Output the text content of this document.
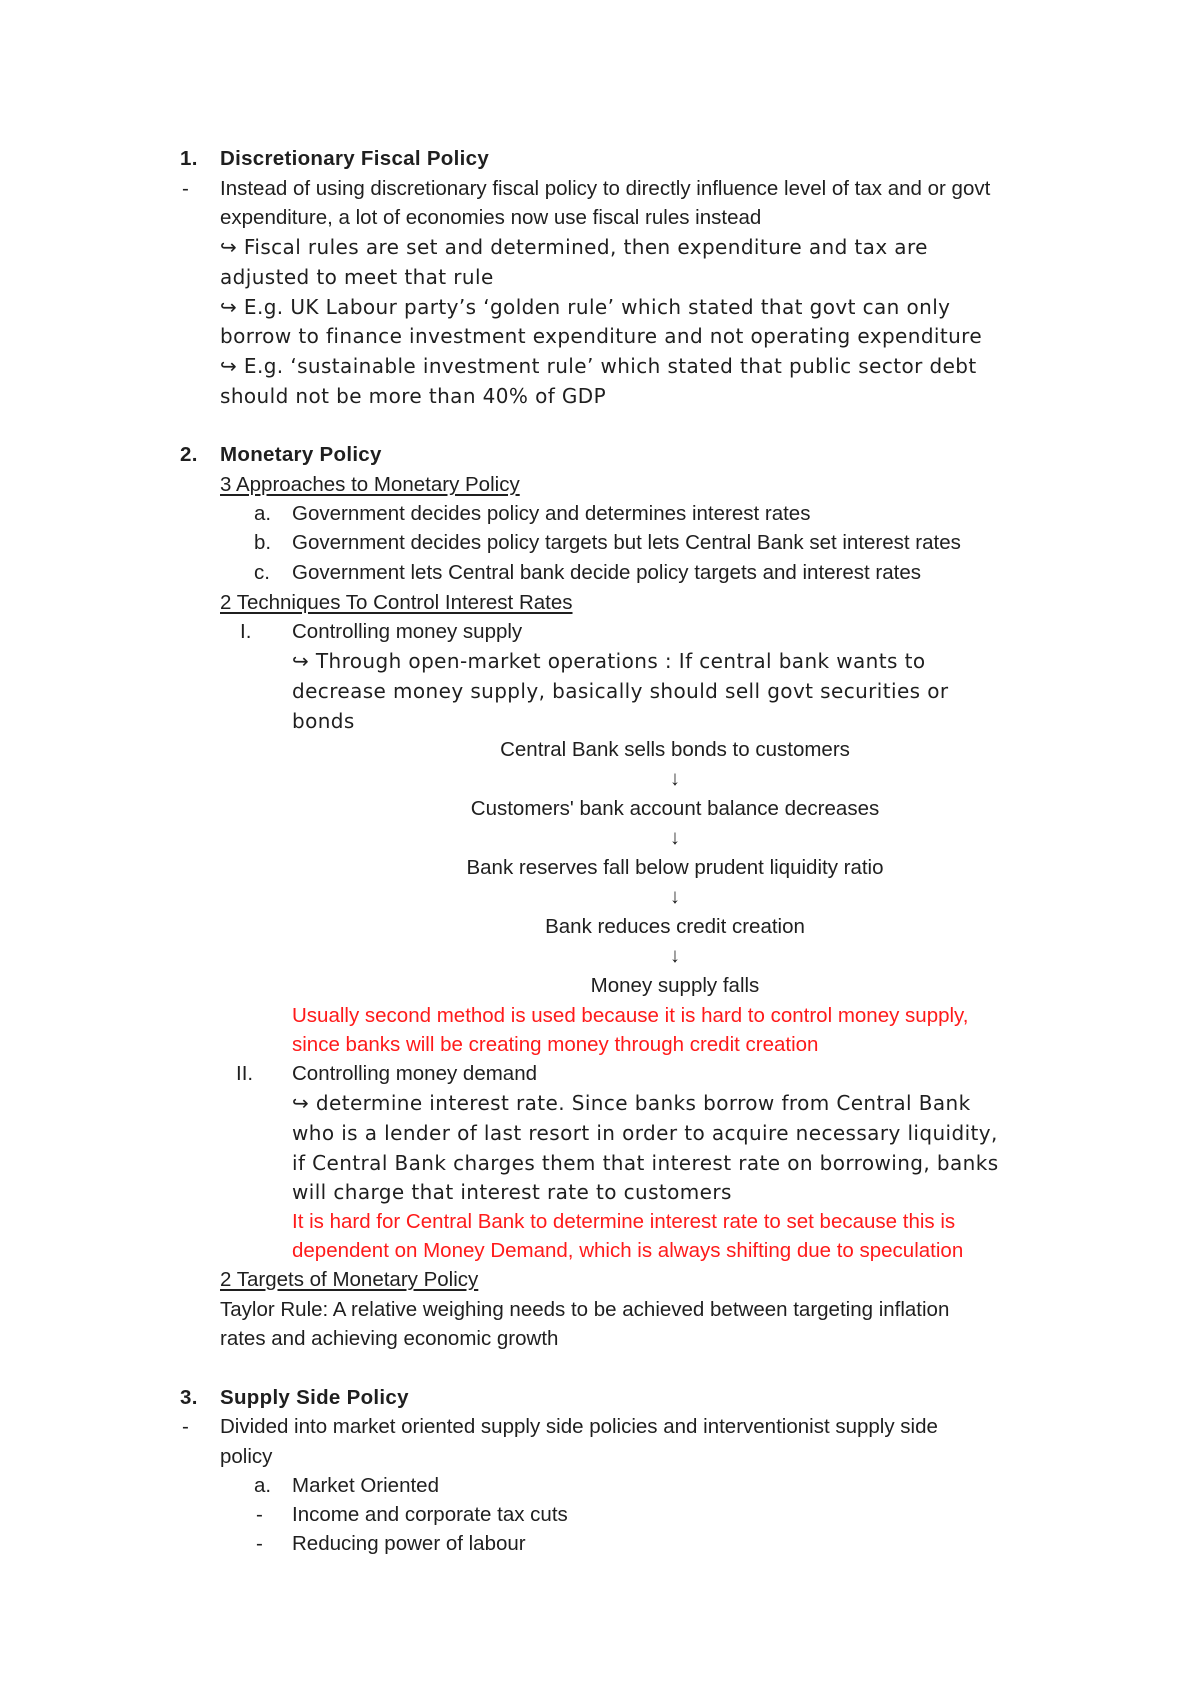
1. Discretionary Fiscal Policy
- Instead of using discretionary fiscal policy to directly influence level of tax and or govt
expenditure, a lot of economies now use fiscal rules instead
↪ Fiscal rules are set and determined, then expenditure and tax are
adjusted to meet that rule
↪ E.g. UK Labour party’s ‘golden rule’ which stated that govt can only
borrow to finance investment expenditure and not operating expenditure
↪ E.g. ‘sustainable investment rule’ which stated that public sector debt
should not be more than 40% of GDP
2. Monetary Policy
3 Approaches to Monetary Policy
a. Government decides policy and determines interest rates
b. Government decides policy targets but lets Central Bank set interest rates
c. Government lets Central bank decide policy targets and interest rates
2 Techniques To Control Interest Rates
I. Controlling money supply
↪ Through open-market operations : If central bank wants to
decrease money supply, basically should sell govt securities or
bonds
Central Bank sells bonds to customers
↓
Customers' bank account balance decreases
↓
Bank reserves fall below prudent liquidity ratio
↓
Bank reduces credit creation
↓
Money supply falls
Usually second method is used because it is hard to control money supply,
since banks will be creating money through credit creation
II. Controlling money demand
↪ determine interest rate. Since banks borrow from Central Bank
who is a lender of last resort in order to acquire necessary liquidity,
if Central Bank charges them that interest rate on borrowing, banks
will charge that interest rate to customers
It is hard for Central Bank to determine interest rate to set because this is
dependent on Money Demand, which is always shifting due to speculation
2 Targets of Monetary Policy
Taylor Rule: A relative weighing needs to be achieved between targeting inflation
rates and achieving economic growth
3. Supply Side Policy
- Divided into market oriented supply side policies and interventionist supply side
policy
a. Market Oriented
- Income and corporate tax cuts
- Reducing power of labour
